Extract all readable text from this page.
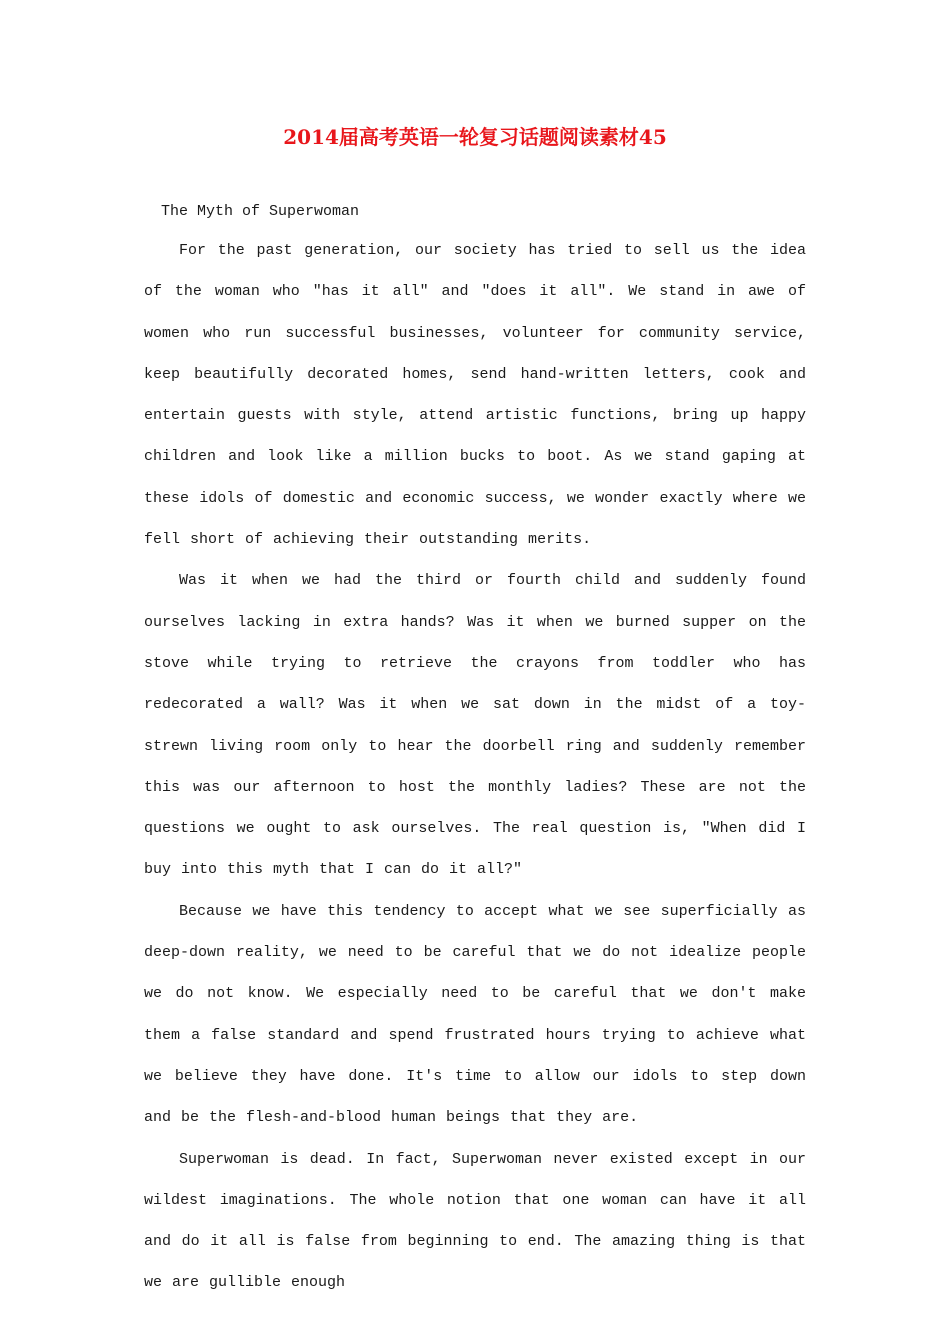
2014届高考英语一轮复习话题阅读素材45
The Myth of Superwoman

For the past generation, our society has tried to sell us the idea of the woman who "has it all" and "does it all". We stand in awe of women who run successful businesses, volunteer for community service, keep beautifully decorated homes, send hand-written letters, cook and entertain guests with style, attend artistic functions, bring up happy children and look like a million bucks to boot. As we stand gaping at these idols of domestic and economic success, we wonder exactly where we fell short of achieving their outstanding merits.

Was it when we had the third or fourth child and suddenly found ourselves lacking in extra hands? Was it when we burned supper on the stove while trying to retrieve the crayons from toddler who has redecorated a wall? Was it when we sat down in the midst of a toy-strewn living room only to hear the doorbell ring and suddenly remember this was our afternoon to host the monthly ladies? These are not the questions we ought to ask ourselves. The real question is, "When did I buy into this myth that I can do it all?"

Because we have this tendency to accept what we see superficially as deep-down reality, we need to be careful that we do not idealize people we do not know. We especially need to be careful that we don't make them a false standard and spend frustrated hours trying to achieve what we believe they have done. It's time to allow our idols to step down and be the flesh-and-blood human beings that they are.

Superwoman is dead. In fact, Superwoman never existed except in our wildest imaginations. The whole notion that one woman can have it all and do it all is false from beginning to end. The amazing thing is that we are gullible enough
